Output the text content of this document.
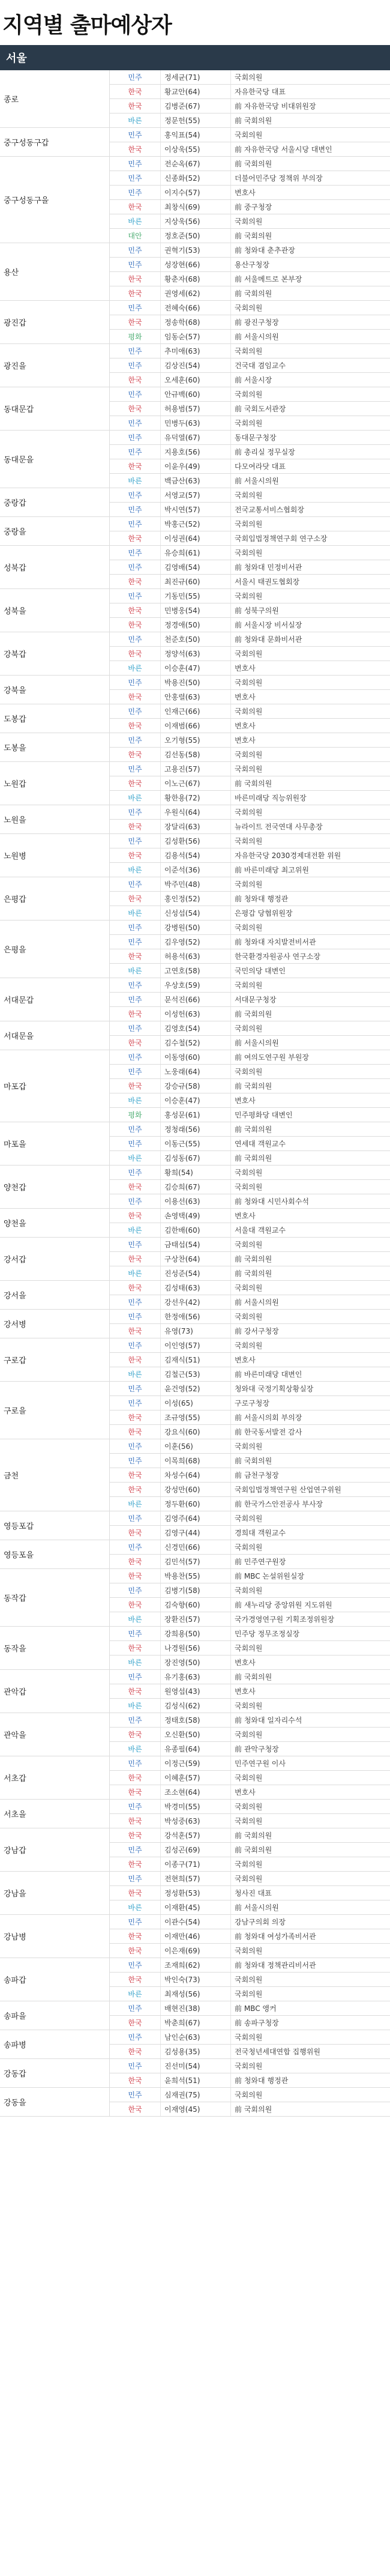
지역별 출마예상자
서울
종로	민주	정세균(71)	국회의원
	한국	황교안(64)	자유한국당 대표
	한국	김병준(67)	前 자유한국당 비대위원장
	바른	정문헌(55)	前 국회의원
중구성동구갑	민주	홍익표(54)	국회의원
	한국	이상욱(55)	前 자유한국당 서울시당 대변인
중구성동구을	민주	전순옥(67)	前 국회의원
	민주	신종화(52)	더불어민주당 정책위 부의장
	민주	이지수(57)	변호사
	한국	최창식(69)	前 중구청장
	바른	지상욱(56)	국회의원
	대안	정호준(50)	前 국회의원
용산	민주	권혁기(53)	前 청와대 춘추관장
	민주	성장현(66)	용산구청장
	한국	황춘자(68)	前 서울메트로 본부장
	한국	권영세(62)	前 국회의원
광진갑	민주	전혜숙(66)	국회의원
	한국	정송학(68)	前 광진구청장
	평화	임동순(57)	前 서울시의원
광진을	민주	추미애(63)	국회의원
	민주	김상진(54)	건국대 겸임교수
	한국	오세훈(60)	前 서울시장
동대문갑	민주	안규백(60)	국회의원
	한국	허용범(57)	前 국회도서관장
	민주	민병두(63)	국회의원
동대문을	민주	유덕열(67)	동대문구청장
	민주	지용호(56)	前 총리실 정무실장
	한국	이윤우(49)	다모여라닷 대표
	바른	백금산(63)	前 서울시의원
중랑갑	민주	서영교(57)	국회의원
	민주	박시연(57)	전국교통서비스협회장
중랑을	민주	박홍근(52)	국회의원
	한국	이성권(64)	국회입법정책연구회 연구소장
성북갑	민주	유승희(61)	국회의원
	민주	김영배(54)	前 청와대 민정비서관
	한국	최진규(60)	서울시 태권도협회장
성북을	민주	기동민(55)	국회의원
	한국	민병웅(54)	前 성북구의원
	한국	정경애(50)	前 서울시장 비서실장
강북갑	민주	천준호(50)	前 청와대 문화비서관
	한국	정양석(63)	국회의원
	바른	이승훈(47)	변호사
강북을	민주	박용진(50)	국회의원
	한국	안홍렬(63)	변호사
도봉갑	민주	인재근(66)	국회의원
	한국	이재범(66)	변호사
도봉을	민주	오기형(55)	변호사
	한국	김선동(58)	국회의원
노원갑	민주	고용진(57)	국회의원
	한국	이노근(67)	前 국회의원
	바른	황한용(72)	바른미래당 직능위원장
노원을	민주	우원식(64)	국회의원
	한국	장달리(63)	뉴라이트 전국연대 사무총장
노원병	민주	김성환(56)	국회의원
	한국	김용석(54)	자유한국당 2030경제대전환 위원
	바른	이준석(36)	前 바른미래당 최고위원
은평갑	민주	박주민(48)	국회의원
	한국	홍인정(52)	前 청와대 행정관
	바른	신성섭(54)	은평갑 당협위원장
은평을	민주	강병원(50)	국회의원
	민주	김우영(52)	前 청와대 자치발전비서관
	한국	허용석(63)	한국환경자원공사 연구소장
	바른	고연호(58)	국민의당 대변인
서대문갑	민주	우상호(59)	국회의원
	민주	문석진(66)	서대문구청장
	한국	이성헌(63)	前 국회의원
서대문을	민주	김영호(54)	국회의원
	한국	김수철(52)	前 서울시의원
마포갑	민주	이동영(60)	前 여의도연구원 부원장
	민주	노웅래(64)	국회의원
	한국	강승규(58)	前 국회의원
	바른	이승훈(47)	변호사
	평화	홍성문(61)	민주평화당 대변인
마포을	민주	정청래(56)	前 국회의원
	민주	이동근(55)	연세대 객원교수
	바른	김성동(67)	前 국회의원
양천갑	민주	황희(54)	국회의원
	한국	김승희(67)	국회의원
	민주	이용선(63)	前 청와대 시민사회수석
양천을	한국	손영택(49)	변호사
	바른	김한배(60)	서울대 객원교수
강서갑	민주	금태섭(54)	국회의원
	한국	구상찬(64)	前 국회의원
	바른	진성준(54)	前 국회의원
강서을	한국	김성태(63)	국회의원
	민주	강선우(42)	前 서울시의원
강서병	민주	한정애(56)	국회의원
	한국	유영(73)	前 강서구청장
구로갑	민주	이인영(57)	국회의원
	한국	김재식(51)	변호사
	바른	김철근(53)	前 바른미래당 대변인
구로을	민주	윤건영(52)	청와대 국정기획상황실장
	민주	이성(65)	구로구청장
	한국	조규영(55)	前 서울시의회 부의장
	한국	강요식(60)	前 한국동서발전 감사
금천	민주	이훈(56)	국회의원
	민주	이목희(68)	前 국회의원
	한국	차성수(64)	前 금천구청장
	한국	강성만(60)	국회입법정책연구원 산업연구위원
	바른	정두환(60)	前 한국가스안전공사 부사장
영등포갑	민주	김영주(64)	국회의원
	한국	김영구(44)	경희대 객원교수
영등포을	민주	신경민(66)	국회의원
	한국	김민석(57)	前 민주연구원장
동작갑	한국	박용찬(55)	前 MBC 논설위원실장
	민주	김병기(58)	국회의원
	한국	김숙향(60)	前 새누리당 중앙위원 지도위원
	바른	장환진(57)	국가경영연구원 기획조정위원장
동작을	민주	강희용(50)	민주당 정무조정실장
	한국	나경원(56)	국회의원
	바른	장진영(50)	변호사
관악갑	민주	유기홍(63)	前 국회의원
	한국	원영섭(43)	변호사
	바른	김성식(62)	국회의원
관악을	민주	정태호(58)	前 청와대 일자리수석
	한국	오신환(50)	국회의원
	바른	유종필(64)	前 관악구청장
서초갑	민주	이정근(59)	민주연구원 이사
	한국	이혜훈(57)	국회의원
	한국	조소현(64)	변호사
서초을	민주	박경미(55)	국회의원
	한국	박성중(63)	국회의원
강남갑	한국	강석훈(57)	前 국회의원
	민주	김성곤(69)	前 국회의원
	한국	이종구(71)	국회의원
강남을	민주	전현희(57)	국회의원
	한국	정성환(53)	청사진 대표
	바른	이재환(45)	前 서울시의원
강남병	민주	이관수(54)	강남구의회 의장
	한국	이재만(46)	前 청와대 여성가족비서관
	한국	이은재(69)	국회의원
송파갑	민주	조재희(62)	前 청와대 정책관리비서관
	한국	박인숙(73)	국회의원
	바른	최재성(56)	국회의원
송파을	민주	배현진(38)	前 MBC 앵커
	한국	박춘희(67)	前 송파구청장
송파병	민주	남인순(63)	국회의원
	한국	김성용(35)	전국청년세대연합 집행위원
강동갑	민주	진선미(54)	국회의원
	한국	윤희석(51)	前 청와대 행정관
강동을	민주	심재권(75)	국회의원
	한국	이재영(45)	前 국회의원
